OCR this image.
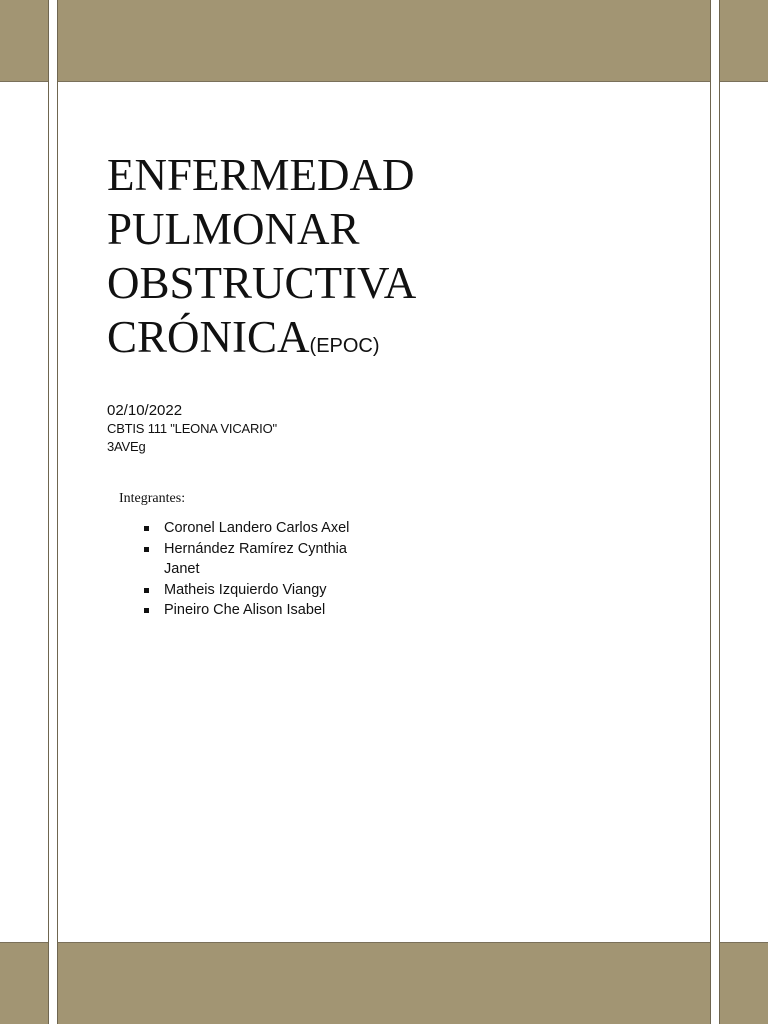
ENFERMEDAD
PULMONAR
OBSTRUCTIVA
CRÓNICA(EPOC)
02/10/2022
CBTIS 111 "LEONA VICARIO"
3AVEg
Integrantes:
Coronel Landero Carlos Axel
Hernández Ramírez Cynthia Janet
Matheis Izquierdo Viangy
Pineiro Che Alison Isabel
